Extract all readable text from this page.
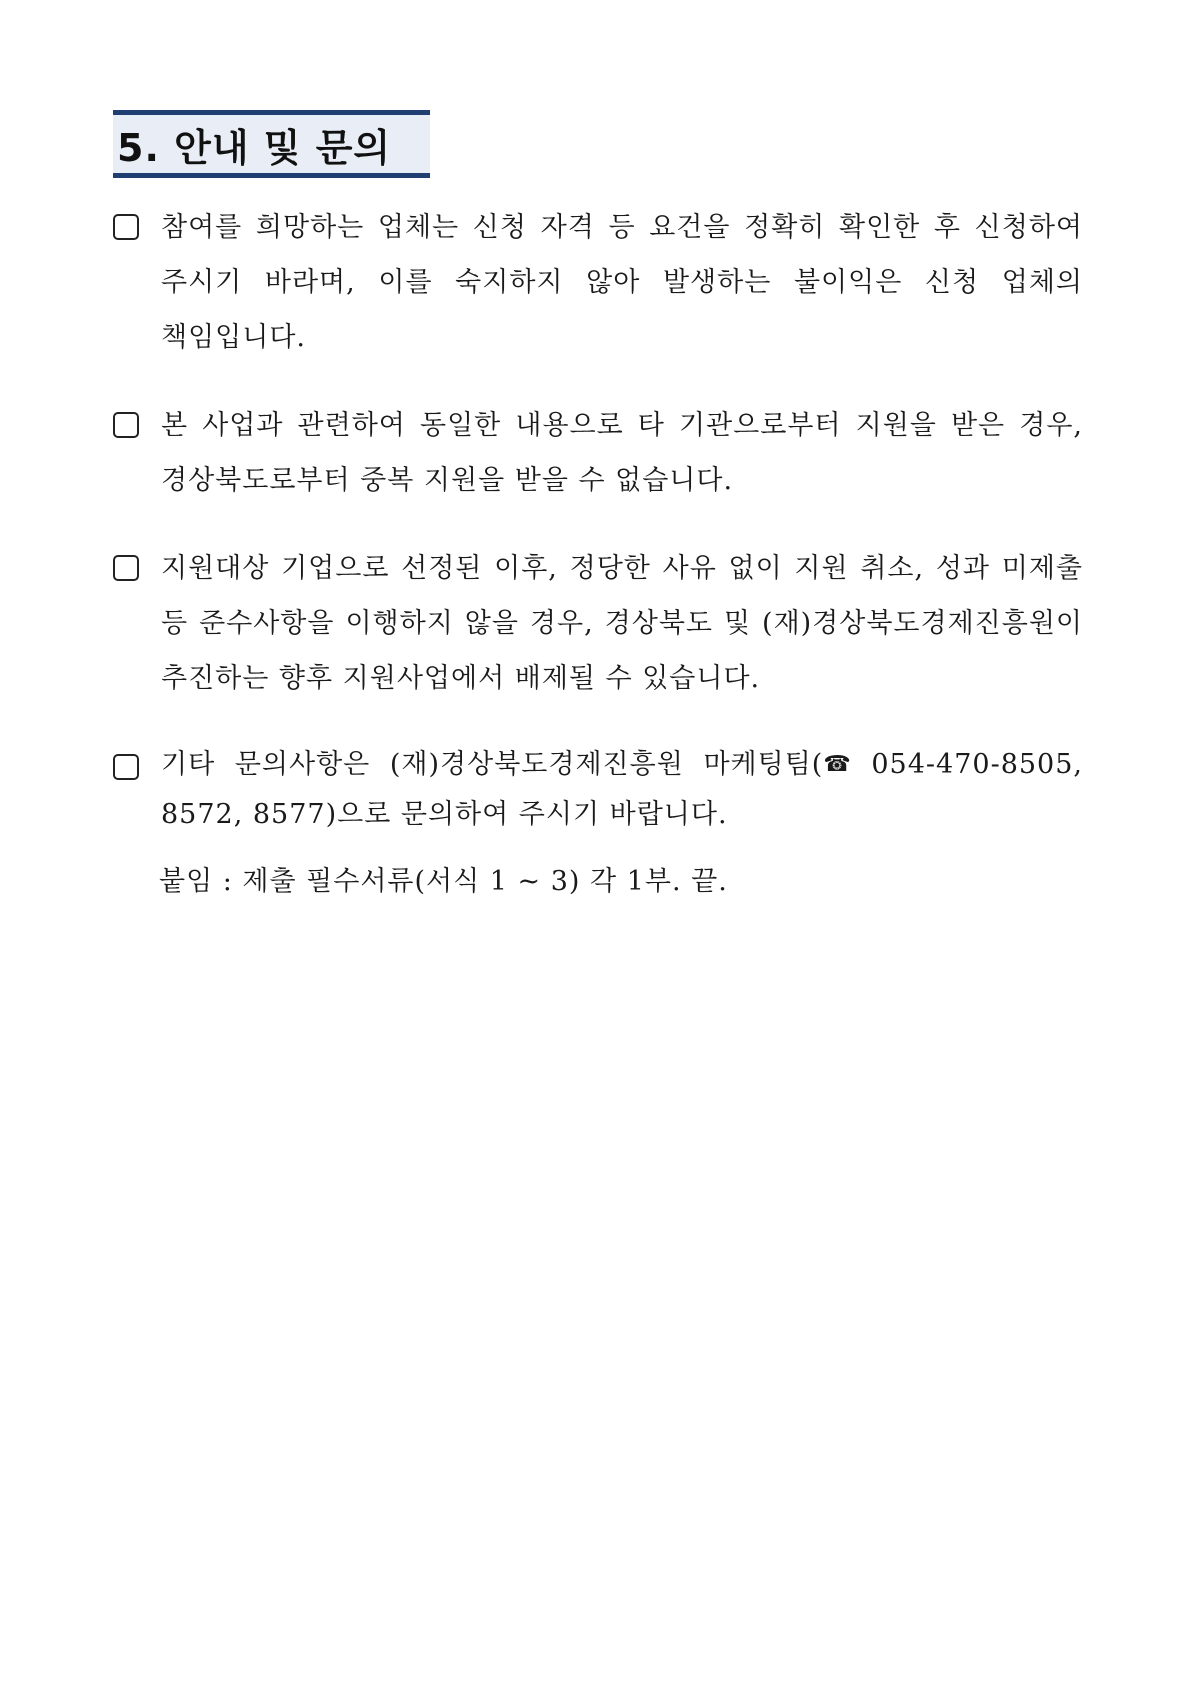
5. 안내 및 문의
참여를 희망하는 업체는 신청 자격 등 요건을 정확히 확인한 후 신청하여 주시기 바라며, 이를 숙지하지 않아 발생하는 불이익은 신청 업체의 책임입니다.
본 사업과 관련하여 동일한 내용으로 타 기관으로부터 지원을 받은 경우, 경상북도로부터 중복 지원을 받을 수 없습니다.
지원대상 기업으로 선정된 이후, 정당한 사유 없이 지원 취소, 성과 미제출 등 준수사항을 이행하지 않을 경우, 경상북도 및 (재)경상북도경제진흥원이 추진하는 향후 지원사업에서 배제될 수 있습니다.
기타 문의사항은 (재)경상북도경제진흥원 마케팅팀(☎ 054-470-8505, 8572, 8577)으로 문의하여 주시기 바랍니다.
붙임 : 제출 필수서류(서식 1 ~ 3) 각 1부. 끝.
